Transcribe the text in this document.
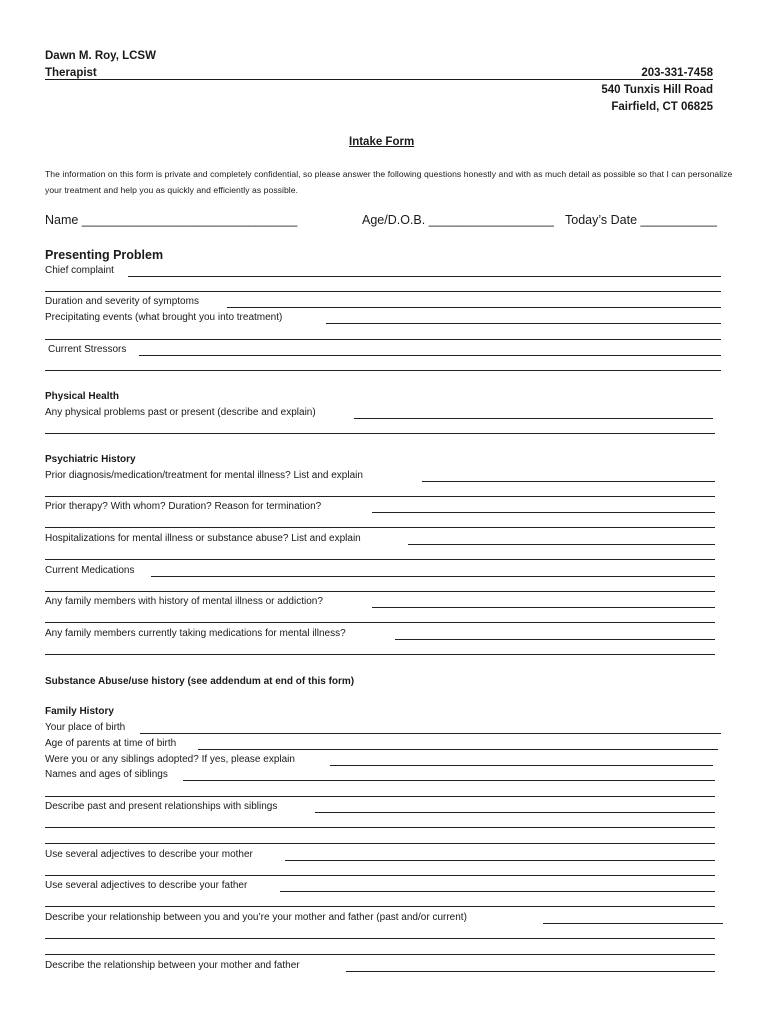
Dawn M. Roy, LCSW
Therapist	203-331-7458
540 Tunxis Hill Road
Fairfield, CT 06825
Intake Form
The information on this form is private and completely confidential, so please answer the following questions honestly and with as much detail as possible so that I can personalize your treatment and help you as quickly and efficiently as possible.
Name _______________________________	Age/D.O.B. __________________ Today’s Date ___________
Presenting Problem
Chief complaint
Duration and severity of symptoms
Precipitating events (what brought you into treatment)
Current Stressors
Physical Health
Any physical problems past or present (describe and explain)
Psychiatric History
Prior diagnosis/medication/treatment for mental illness? List and explain
Prior therapy? With whom? Duration? Reason for termination?
Hospitalizations for mental illness or substance abuse? List and explain
Current Medications
Any family members with history of mental illness or addiction?
Any family members currently taking medications for mental illness?
Substance Abuse/use history (see addendum at end of this form)
Family History
Your place of birth
Age of parents at time of birth
Were you or any siblings adopted? If yes, please explain
Names and ages of siblings
Describe past and present relationships with siblings
Use several adjectives to describe your mother
Use several adjectives to describe your father
Describe your relationship between you and you’re your mother and father (past and/or current)
Describe the relationship between your mother and father
